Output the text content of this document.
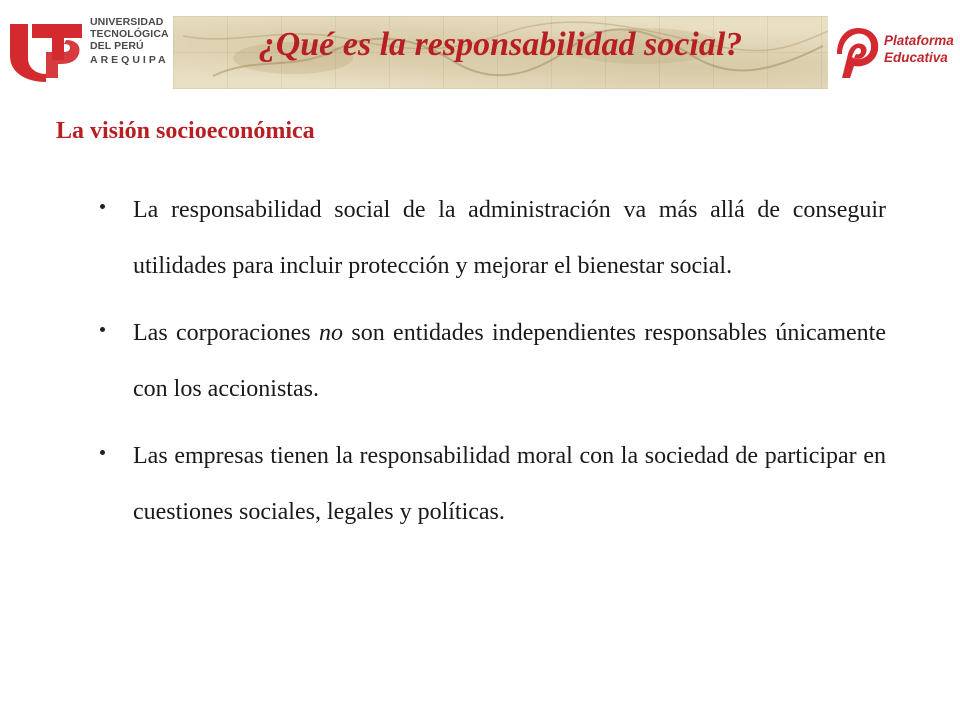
UNIVERSIDAD
TECNOLÓGICA
DEL PERÚ
AREQUIPA	¿Qué es la responsabilidad social?	Plataforma
Educativa
La visión socioeconómica
La responsabilidad social de la administración va más allá de conseguir utilidades para incluir protección y mejorar el bienestar social.
Las corporaciones no son entidades independientes responsables únicamente con los accionistas.
Las empresas tienen la responsabilidad moral con la sociedad de participar en cuestiones sociales, legales y políticas.
